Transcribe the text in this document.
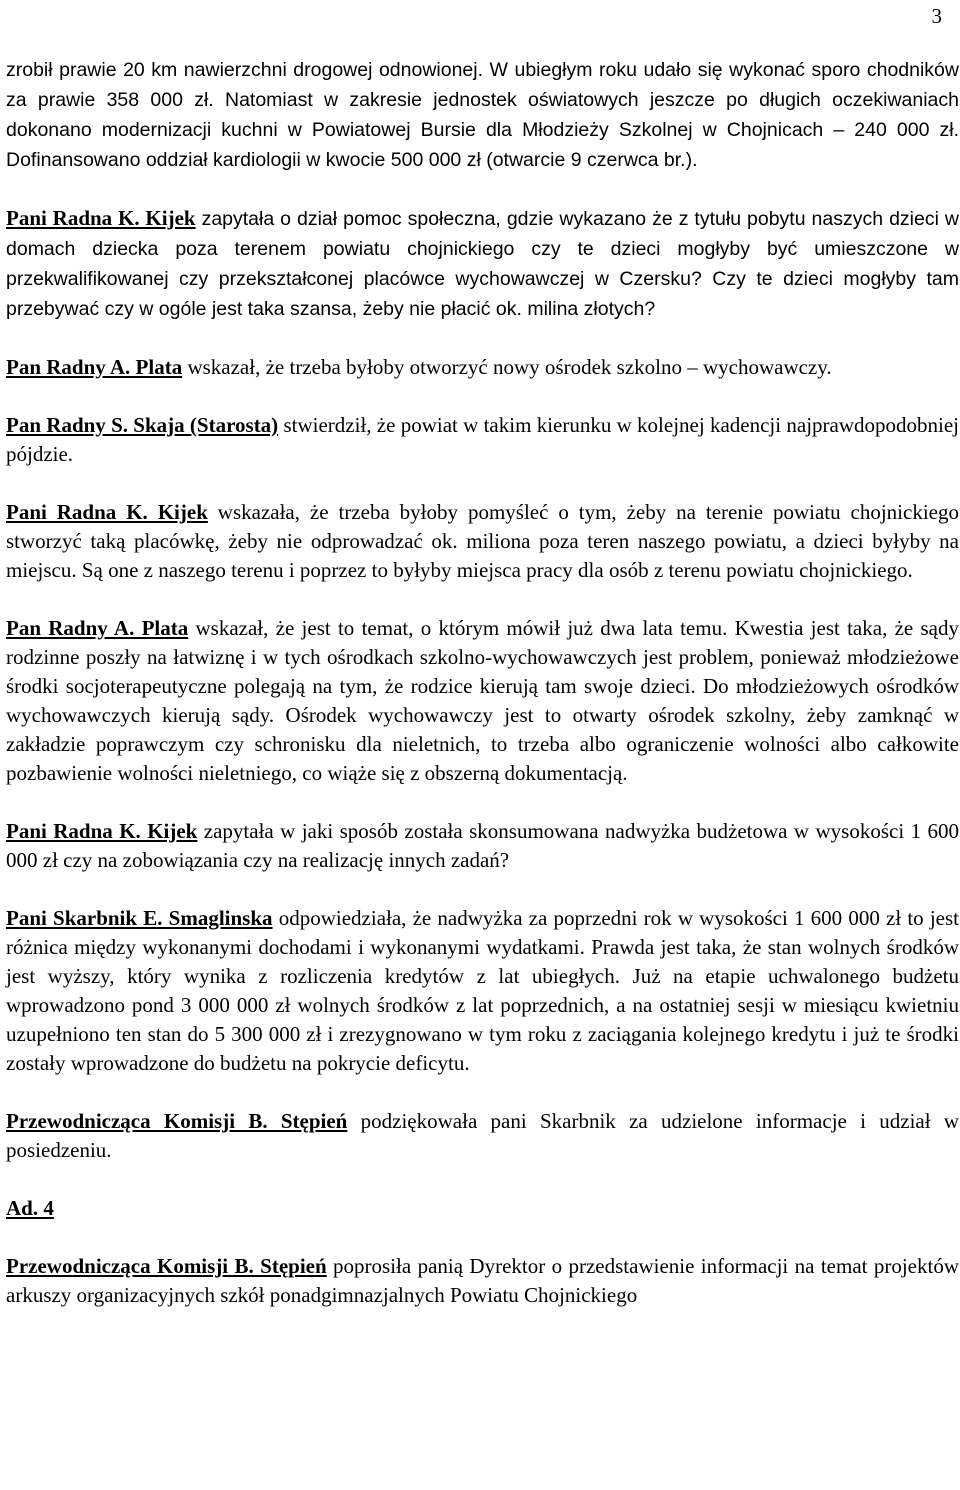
3

zrobił prawie 20 km nawierzchni drogowej odnowionej. W ubiegłym roku udało się wykonać sporo chodników za prawie 358 000 zł. Natomiast w zakresie jednostek oświatowych jeszcze po długich oczekiwaniach dokonano modernizacji kuchni w Powiatowej Bursie dla Młodzieży Szkolnej w Chojnicach – 240 000 zł. Dofinansowano oddział kardiologii w kwocie 500 000 zł (otwarcie 9 czerwca br.).

Pani Radna K. Kijek zapytała o dział pomoc społeczna, gdzie wykazano że z tytułu pobytu naszych dzieci w domach dziecka poza terenem powiatu chojnickiego czy te dzieci mogłyby być umieszczone w przekwalifikowanej czy przekształconej placówce wychowawczej w Czersku? Czy te dzieci mogłyby tam przebywać czy w ogóle jest taka szansa, żeby nie płacić ok. milina złotych?

Pan Radny A. Plata wskazał, że trzeba byłoby otworzyć nowy ośrodek szkolno – wychowawczy.

Pan Radny S. Skaja (Starosta) stwierdził, że powiat w takim kierunku w kolejnej kadencji najprawdopodobniej pójdzie.

Pani Radna K. Kijek wskazała, że trzeba byłoby pomyśleć o tym, żeby na terenie powiatu chojnickiego stworzyć taką placówkę, żeby nie odprowadzać ok. miliona poza teren naszego powiatu, a dzieci byłyby na miejscu. Są one z naszego terenu i poprzez to byłyby miejsca pracy dla osób z terenu powiatu chojnickiego.

Pan Radny A. Plata wskazał, że jest to temat, o którym mówił już dwa lata temu. Kwestia jest taka, że sądy rodzinne poszły na łatwiznę i w tych ośrodkach szkolno-wychowawczych jest problem, ponieważ młodzieżowe środki socjoterapeutyczne polegają na tym, że rodzice kierują tam swoje dzieci. Do młodzieżowych ośrodków wychowawczych kierują sądy. Ośrodek wychowawczy jest to otwarty ośrodek szkolny, żeby zamknąć w zakładzie poprawczym czy schronisku dla nieletnich, to trzeba albo ograniczenie wolności albo całkowite pozbawienie wolności nieletniego, co wiąże się z obszerną dokumentacją.

Pani Radna K. Kijek zapytała w jaki sposób została skonsumowana nadwyżka budżetowa w wysokości 1 600 000 zł czy na zobowiązania czy na realizację innych zadań?

Pani Skarbnik E. Smaglinska odpowiedziała, że nadwyżka za poprzedni rok w wysokości 1 600 000 zł to jest różnica między wykonanymi dochodami i wykonanymi wydatkami. Prawda jest taka, że stan wolnych środków jest wyższy, który wynika z rozliczenia kredytów z lat ubiegłych. Już na etapie uchwalonego budżetu wprowadzono pond 3 000 000 zł wolnych środków z lat poprzednich, a na ostatniej sesji w miesiącu kwietniu uzupełniono ten stan do 5 300 000 zł i zrezygnowano w tym roku z zaciągania kolejnego kredytu i już te środki zostały wprowadzone do budżetu na pokrycie deficytu.

Przewodnicząca Komisji B. Stępień podziękowała pani Skarbnik za udzielone informacje i udział w posiedzeniu.

Ad. 4

Przewodnicząca Komisji B. Stępień poprosiła panią Dyrektor o przedstawienie informacji na temat projektów arkuszy organizacyjnych szkół ponadgimnazjalnych Powiatu Chojnickiego
